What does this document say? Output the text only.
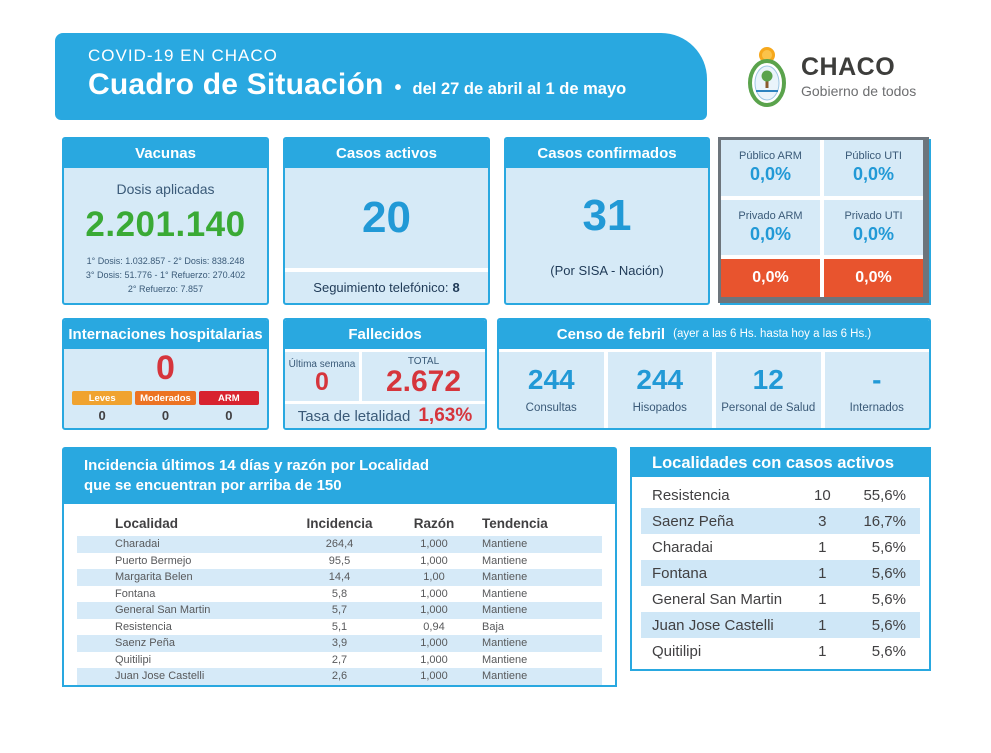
COVID-19 EN CHACO
Cuadro de Situación • del 27 de abril al 1 de mayo
CHACO
Gobierno de todos
Vacunas
Dosis aplicadas
2.201.140
1° Dosis: 1.032.857 - 2° Dosis: 838.248
3° Dosis: 51.776 - 1° Refuerzo: 270.402
2° Refuerzo: 7.857
Casos activos
20
Seguimiento telefónico: 8
Casos confirmados
31
(Por SISA - Nación)
Público ARM
0,0%
Público UTI
0,0%
Privado ARM
0,0%
Privado UTI
0,0%
0,0%	0,0%
Internaciones hospitalarias
0
Leves
0
Moderados
0
ARM
0
Fallecidos
Última semana
0
TOTAL
2.672
Tasa de letalidad 1,63%
Censo de febril (ayer a las 6 Hs. hasta hoy a las 6 Hs.)
244
Consultas
244
Hisopados
12
Personal de Salud
-
Internados
Incidencia últimos 14 días y razón por Localidad
que se encuentran por arriba de 150
Localidad	Incidencia	Razón	Tendencia
Charadai	264,4	1,000	Mantiene
Puerto Bermejo	95,5	1,000	Mantiene
Margarita Belen	14,4	1,00	Mantiene
Fontana	5,8	1,000	Mantiene
General San Martin	5,7	1,000	Mantiene
Resistencia	5,1	0,94	Baja
Saenz Peña	3,9	1,000	Mantiene
Quitilipi	2,7	1,000	Mantiene
Juan Jose Castelli	2,6	1,000	Mantiene
Localidades con casos activos
Resistencia	10	55,6%
Saenz Peña	3	16,7%
Charadai	1	5,6%
Fontana	1	5,6%
General San Martin	1	5,6%
Juan Jose Castelli	1	5,6%
Quitilipi	1	5,6%
